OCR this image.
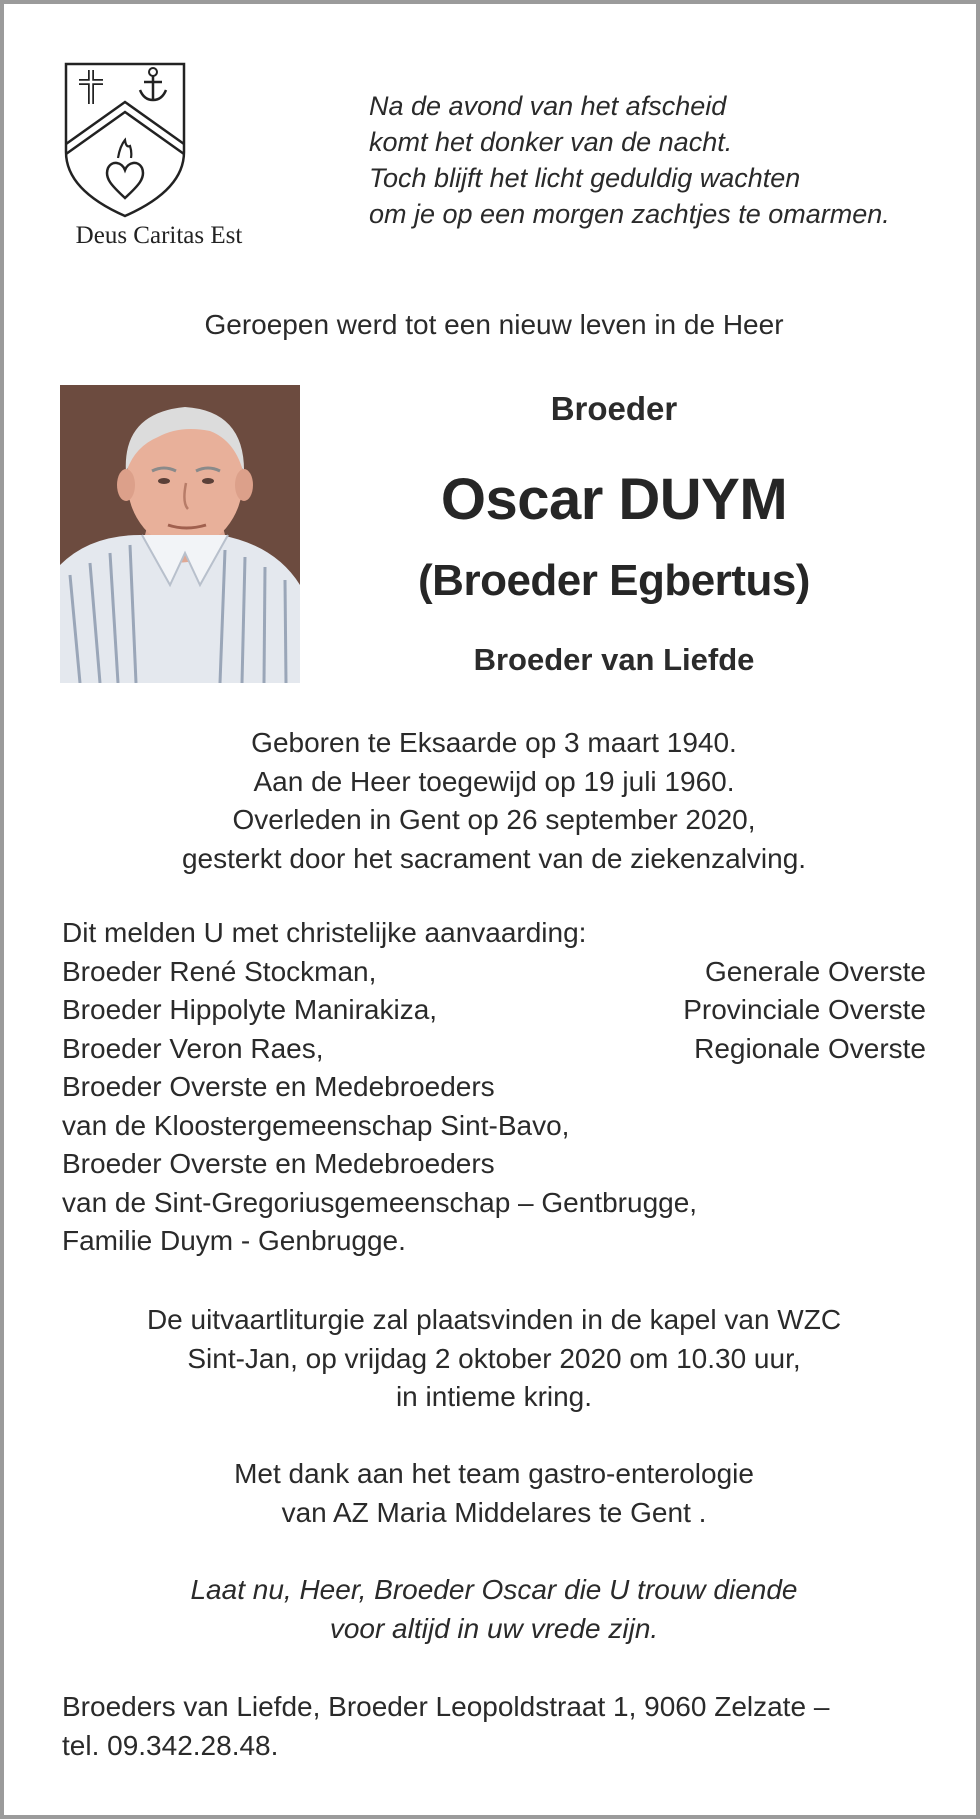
Deus Caritas Est
Na de avond van het afscheid
komt het donker van de nacht.
Toch blijft het licht geduldig wachten
om je op een morgen zachtjes te omarmen.
Geroepen werd tot een nieuw leven in de Heer
Broeder
Oscar DUYM
(Broeder Egbertus)
Broeder van Liefde
Geboren te Eksaarde op 3 maart 1940.
Aan de Heer toegewijd op 19 juli 1960.
Overleden in Gent op 26 september 2020,
gesterkt door het sacrament van de ziekenzalving.
Dit melden U met christelijke aanvaarding:
Broeder René Stockman,	Generale Overste
Broeder Hippolyte Manirakiza,	Provinciale Overste
Broeder Veron Raes,	Regionale Overste
Broeder Overste en Medebroeders
van de Kloostergemeenschap Sint-Bavo,
Broeder Overste en Medebroeders
van de Sint-Gregoriusgemeenschap – Gentbrugge,
Familie Duym - Genbrugge.
De uitvaartliturgie zal plaatsvinden in de kapel van WZC
Sint-Jan, op vrijdag 2 oktober 2020 om 10.30 uur,
in intieme kring.
Met dank aan het team gastro-enterologie
van AZ Maria Middelares te Gent .
Laat nu, Heer, Broeder Oscar die U trouw diende
voor altijd in uw vrede zijn.
Broeders van Liefde, Broeder Leopoldstraat 1, 9060 Zelzate –
tel. 09.342.28.48.
